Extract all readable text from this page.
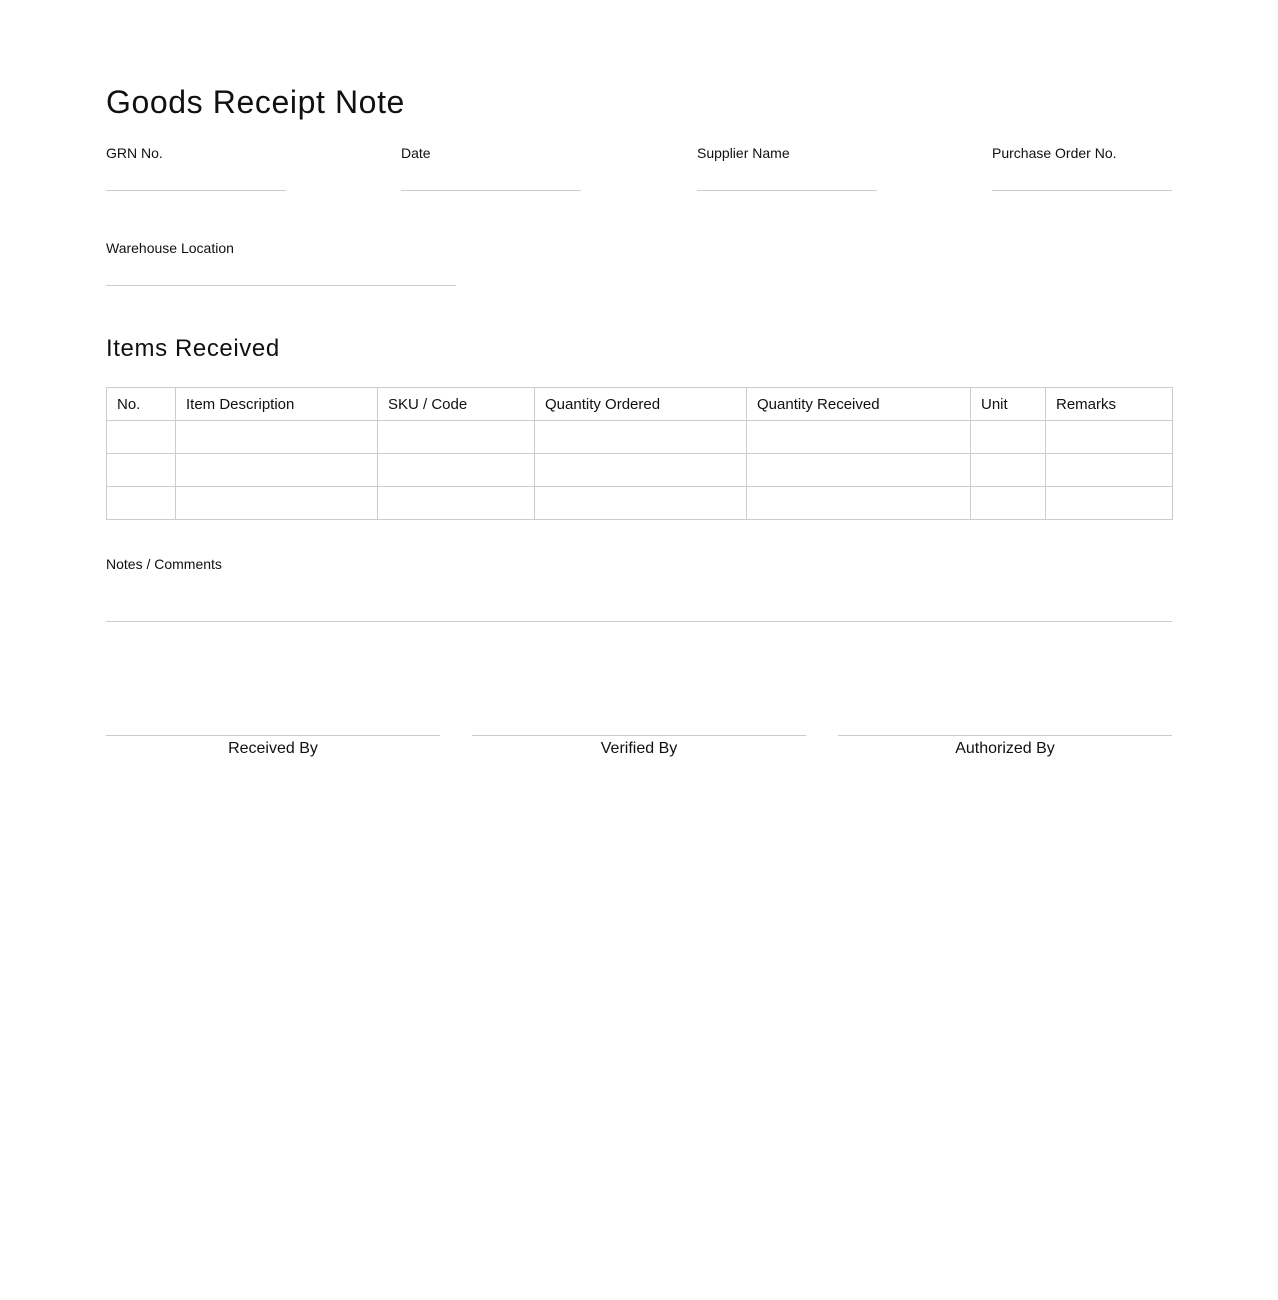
Goods Receipt Note
GRN No.	Date	Supplier Name	Purchase Order No.
Warehouse Location
Items Received
No.	Item Description	SKU / Code	Quantity Ordered	Quantity Received	Unit	Remarks

Notes / Comments
Received By	Verified By	Authorized By
